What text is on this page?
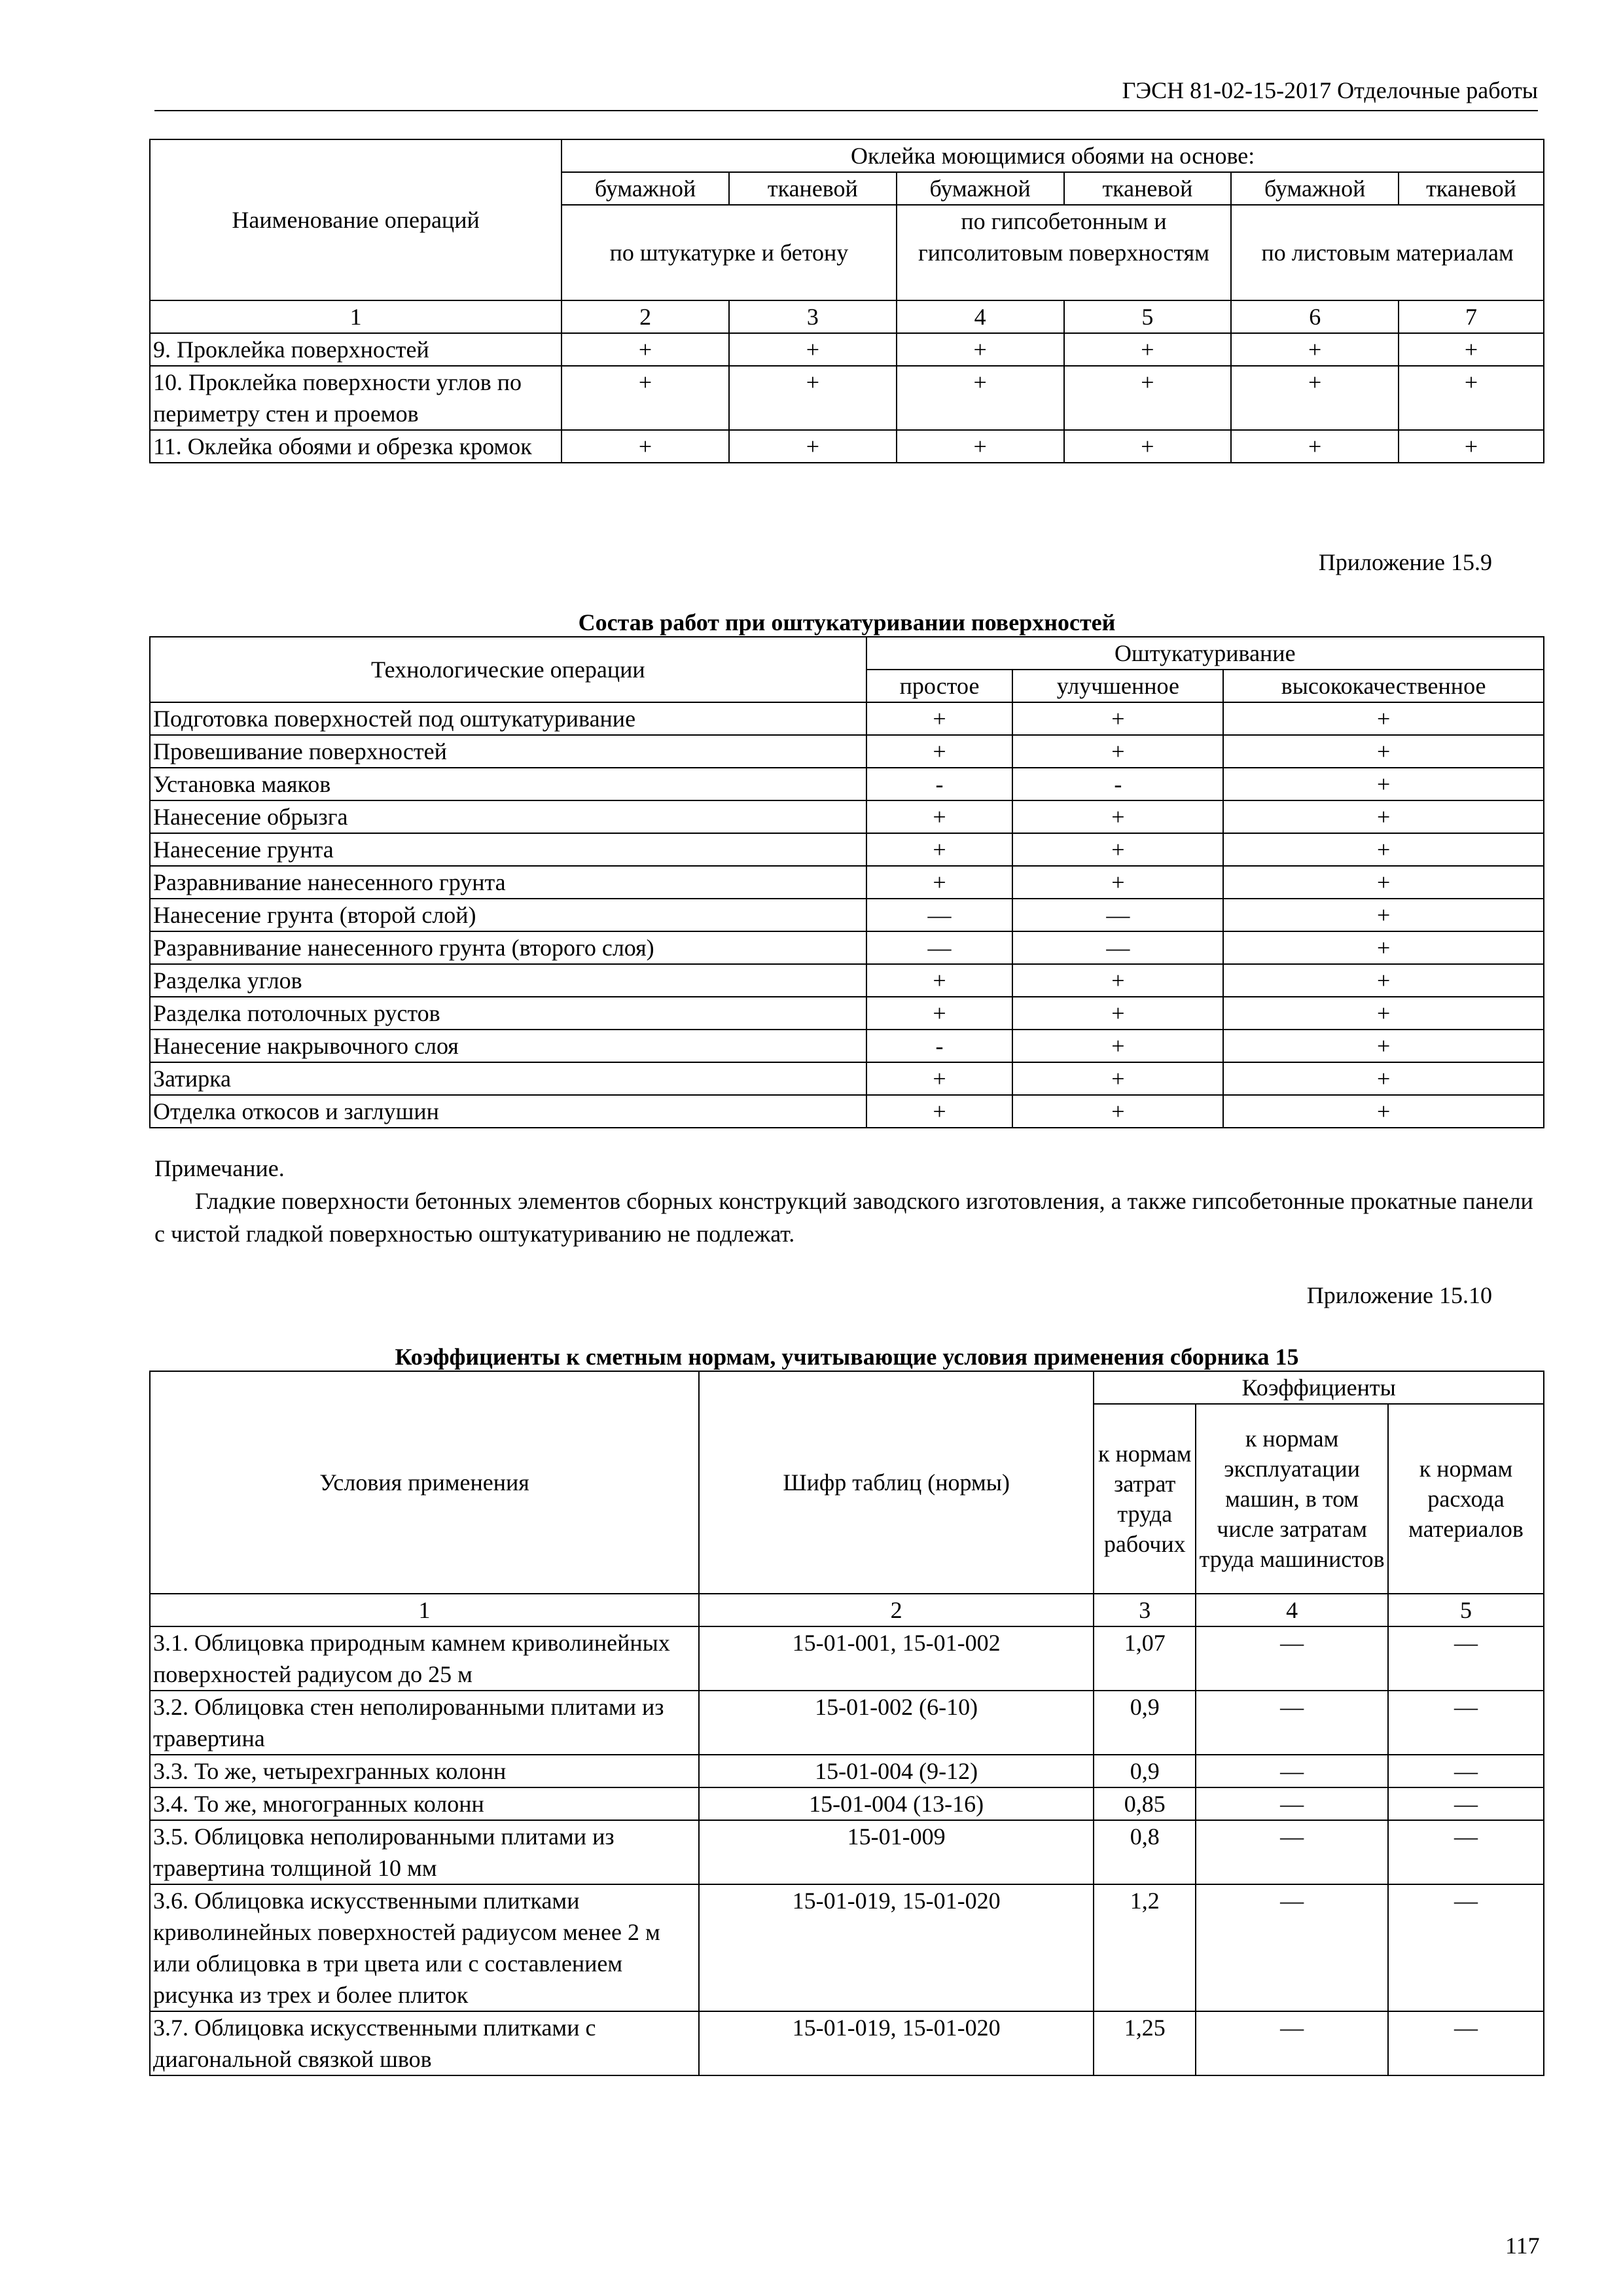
ГЭСН 81-02-15-2017 Отделочные работы
Наименование операций	Оклейка моющимися обоями на основе:					
	бумажной	тканевой	бумажной	тканевой	бумажной	тканевой
	по штукатурке и бетону		по гипсобетонным и гипсолитовым поверхностям		по листовым материалам	
1	2	3	4	5	6	7
9. Проклейка поверхностей	+	+	+	+	+	+
10. Проклейка поверхности углов по периметру стен и проемов	+	+	+	+	+	+
11. Оклейка обоями и обрезка кромок	+	+	+	+	+	+
Приложение 15.9
Состав работ при оштукатуривании поверхностей
Технологические операции	Оштукатуривание		
	простое	улучшенное	высококачественное
Подготовка поверхностей под оштукатуривание	+	+	+
Провешивание поверхностей	+	+	+
Установка маяков	-	-	+
Нанесение обрызга	+	+	+
Нанесение грунта	+	+	+
Разравнивание нанесенного грунта	+	+	+
Нанесение грунта (второй слой)	—	—	+
Разравнивание нанесенного грунта (второго слоя)	—	—	+
Разделка углов	+	+	+
Разделка потолочных рустов	+	+	+
Нанесение накрывочного слоя	-	+	+
Затирка	+	+	+
Отделка откосов и заглушин	+	+	+
Примечание.
Гладкие поверхности бетонных элементов сборных конструкций заводского изготовления, а также гипсобетонные прокатные панели с чистой гладкой поверхностью оштукатуриванию не подлежат.
Приложение 15.10
Коэффициенты к сметным нормам, учитывающие условия применения сборника 15
Условия применения	Шифр таблиц (нормы)	Коэффициенты		
		к нормам затрат труда рабочих	к нормам эксплуатации машин, в том числе затратам труда машинистов	к нормам расхода материалов
1	2	3	4	5
3.1. Облицовка природным камнем криволинейных поверхностей радиусом до 25 м	15-01-001, 15-01-002	1,07	—	—
3.2. Облицовка стен неполированными плитами из травертина	15-01-002 (6-10)	0,9	—	—
3.3. То же, четырехгранных колонн	15-01-004 (9-12)	0,9	—	—
3.4. То же, многогранных колонн	15-01-004 (13-16)	0,85	—	—
3.5. Облицовка неполированными плитами из травертина толщиной 10 мм	15-01-009	0,8	—	—
3.6. Облицовка искусственными плитками криволинейных поверхностей радиусом менее 2 м или облицовка в три цвета или с составлением рисунка из трех и более плиток	15-01-019, 15-01-020	1,2	—	—
3.7. Облицовка искусственными плитками с диагональной связкой швов	15-01-019, 15-01-020	1,25	—	—
117
